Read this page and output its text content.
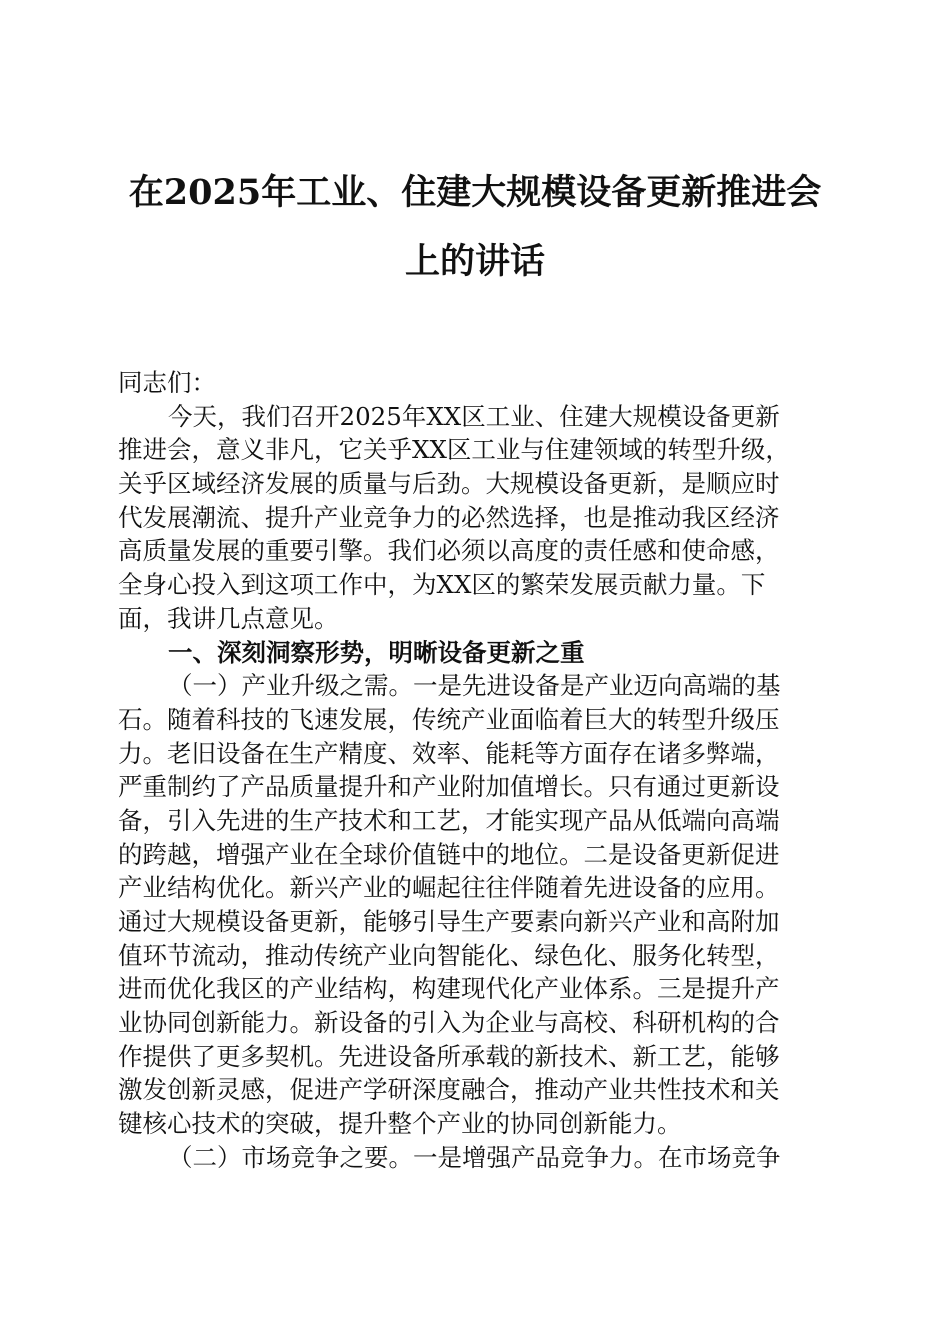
在2025年工业、住建大规模设备更新推进会
上的讲话
同志们：
今天，我们召开2025年XX区工业、住建大规模设备更新
推进会，意义非凡，它关乎XX区工业与住建领域的转型升级，
关乎区域经济发展的质量与后劲。大规模设备更新，是顺应时
代发展潮流、提升产业竞争力的必然选择，也是推动我区经济
高质量发展的重要引擎。我们必须以高度的责任感和使命感，
全身心投入到这项工作中，为XX区的繁荣发展贡献力量。下
面，我讲几点意见。
一、深刻洞察形势，明晰设备更新之重
（一）产业升级之需。一是先进设备是产业迈向高端的基
石。随着科技的飞速发展，传统产业面临着巨大的转型升级压
力。老旧设备在生产精度、效率、能耗等方面存在诸多弊端，
严重制约了产品质量提升和产业附加值增长。只有通过更新设
备，引入先进的生产技术和工艺，才能实现产品从低端向高端
的跨越，增强产业在全球价值链中的地位。二是设备更新促进
产业结构优化。新兴产业的崛起往往伴随着先进设备的应用。
通过大规模设备更新，能够引导生产要素向新兴产业和高附加
值环节流动，推动传统产业向智能化、绿色化、服务化转型，
进而优化我区的产业结构，构建现代化产业体系。三是提升产
业协同创新能力。新设备的引入为企业与高校、科研机构的合
作提供了更多契机。先进设备所承载的新技术、新工艺，能够
激发创新灵感，促进产学研深度融合，推动产业共性技术和关
键核心技术的突破，提升整个产业的协同创新能力。
（二）市场竞争之要。一是增强产品竞争力。在市场竞争
